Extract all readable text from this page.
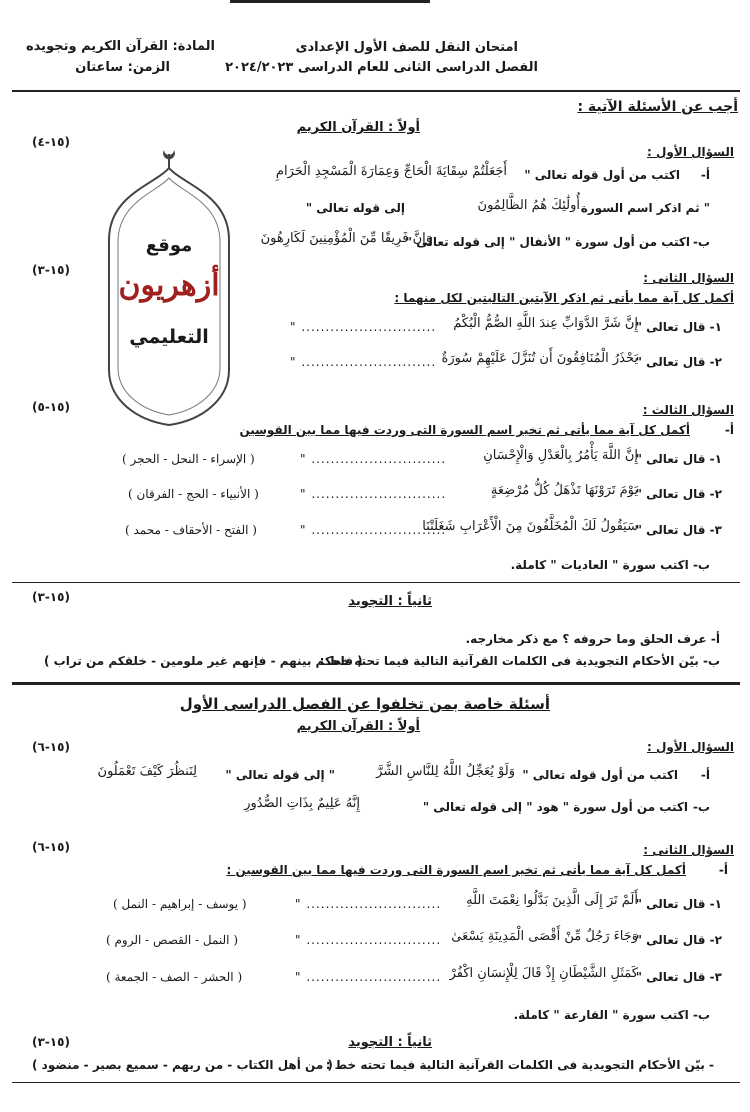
امتحان النقل للصف الأول الإعدادى
الفصل الدراسى الثانى للعام الدراسى ٢٠٢٤/٢٠٢٣
المادة: القرآن الكريم وتجويده
الزمن: ساعتان
أجب عن الأسئلة الآتية :
موقع
أزهريون
التعليمي
أولاً : القرآن الكريم
(١٥-٤)
السؤال الأول :
أ-
اكتب من أول قوله تعالى "
أَجَعَلْتُمْ سِقَايَةَ الْحَاجِّ وَعِمَارَةَ الْمَسْجِدِ الْحَرَامِ
" ثم اذكر اسم السورة
أُولَٰئِكَ هُمُ الظَّالِمُونَ
إلى قوله تعالى "
ب-
اكتب من أول سورة " الأنفال " إلى قوله تعالى "
وَإِنَّ فَرِيقًا مِّنَ الْمُؤْمِنِينَ لَكَارِهُونَ
(١٥-٣)
السؤال الثانى :
أكمل كل آية مما يأتى ثم اذكر الآيتين التاليتين لكل منهما :
١- قال تعالى "
إِنَّ شَرَّ الدَّوَابِّ عِندَ اللَّهِ الصُّمُّ الْبُكْمُ
" ............................
٢- قال تعالى "
يَحْذَرُ الْمُنَافِقُونَ أَن تُنَزَّلَ عَلَيْهِمْ سُورَةٌ
" ............................
(١٥-٥)	السؤال الثالث :
أ-
أكمل كل آية مما يأتى ثم تخير اسم السورة التى وردت فيها مما بين القوسين
١- قال تعالى "
إِنَّ اللَّهَ يَأْمُرُ بِالْعَدْلِ وَالْإِحْسَانِ
" ............................
( الإسراء - النحل - الحجر )
٢- قال تعالى "
يَوْمَ تَرَوْنَهَا تَذْهَلُ كُلُّ مُرْضِعَةٍ
" ............................
( الأنبياء - الحج - الفرقان )
٣- قال تعالى "
سَيَقُولُ لَكَ الْمُخَلَّفُونَ مِنَ الْأَعْرَابِ شَغَلَتْنَا
" ............................
( الفتح - الأحقاف - محمد )
ب- اكتب سورة " العاديات " كاملة.
(١٥-٣)	ثانياً : التجويد
أ- عرف الحلق وما حروفه ؟ مع ذكر مخارجه.
ب- بيّن الأحكام التجويدية فى الكلمات القرآنية التالية فيما تحته خط :
( فاحكم بينهم - فإنهم غير ملومين - خلقكم من تراب )
أسئلة خاصة بمن تخلفوا عن الفصل الدراسى الأول
أولاً : القرآن الكريم
(١٥-٦)	السؤال الأول :
أ-
اكتب من أول قوله تعالى "
وَلَوْ يُعَجِّلُ اللَّهُ لِلنَّاسِ الشَّرَّ
" إلى قوله تعالى "
لِنَنظُرَ كَيْفَ تَعْمَلُونَ
ب-
اكتب من أول سورة " هود " إلى قوله تعالى "
إِنَّهُ عَلِيمٌ بِذَاتِ الصُّدُورِ
(١٥-٦)	السؤال الثانى :
أ-
أكمل كل آية مما يأتى ثم تخير اسم السورة التى وردت فيها مما بين القوسين :
١- قال تعالى "
أَلَمْ تَرَ إِلَى الَّذِينَ بَدَّلُوا نِعْمَتَ اللَّهِ
" ............................
( يوسف - إبراهيم - النمل )
٢- قال تعالى "
وَجَاءَ رَجُلٌ مِّنْ أَقْصَى الْمَدِينَةِ يَسْعَىٰ
" ............................
( النمل - القصص - الروم )
٣- قال تعالى "
كَمَثَلِ الشَّيْطَانِ إِذْ قَالَ لِلْإِنسَانِ اكْفُرْ
" ............................
( الحشر - الصف - الجمعة )
ب- اكتب سورة " القارعة " كاملة.
(١٥-٣)	ثانياً : التجويد
- بيّن الأحكام التجويدية فى الكلمات القرآنية التالية فيما تحته خط :
( من أهل الكتاب - من ربهم - سميع بصير - منضود )
